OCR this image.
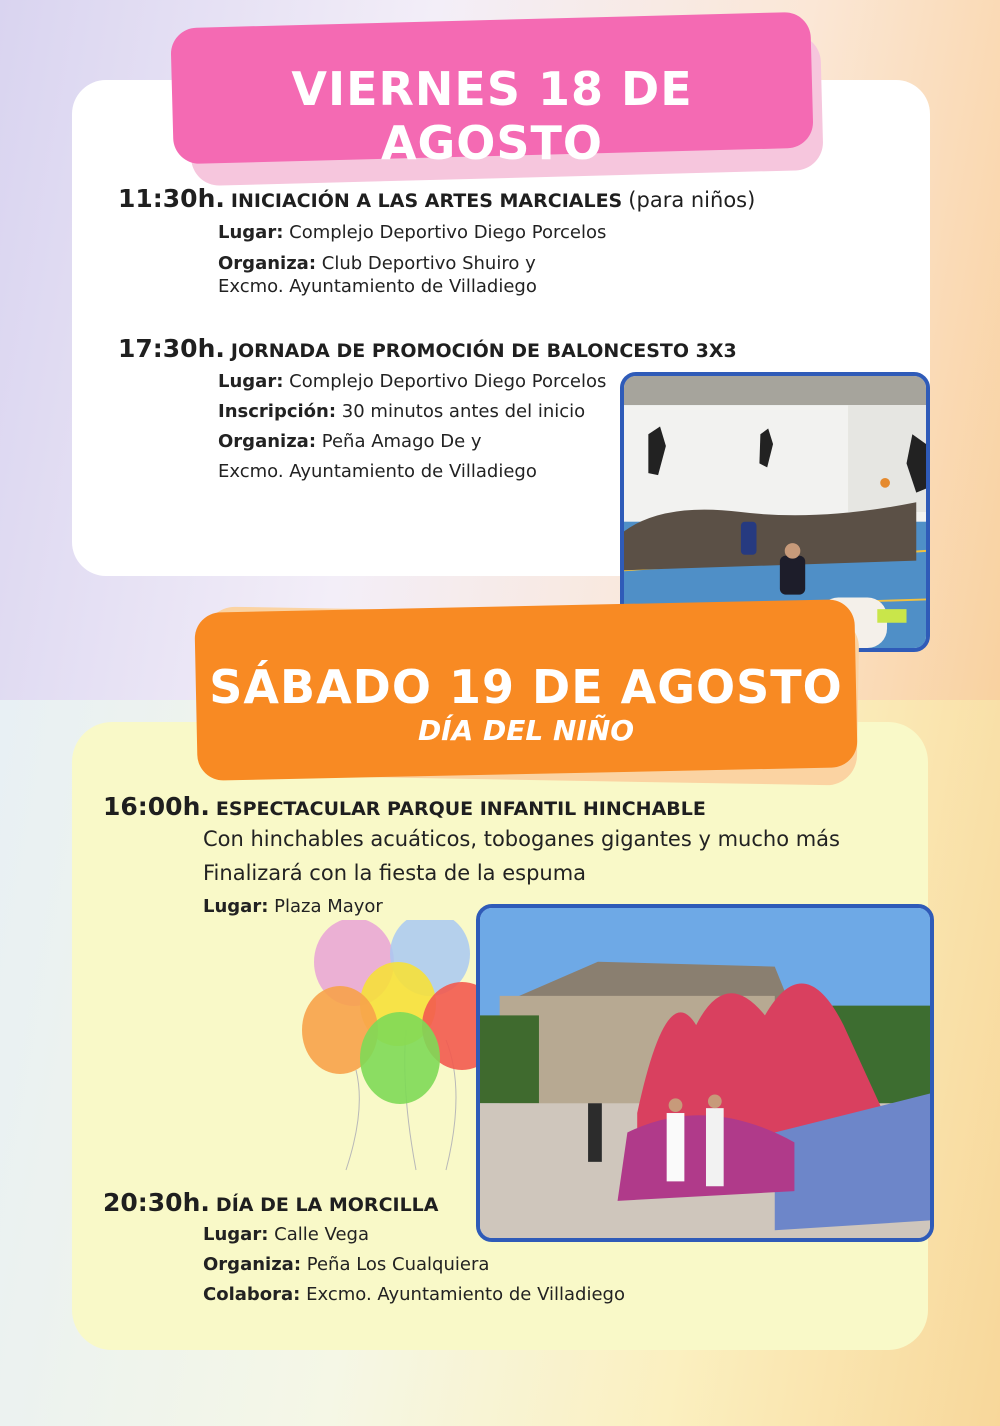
VIERNES 18 DE AGOSTO
11:30h. INICIACIÓN A LAS ARTES MARCIALES (para niños)
Lugar: Complejo Deportivo Diego Porcelos
Organiza: Club Deportivo Shuiro y
Excmo. Ayuntamiento de Villadiego
17:30h. JORNADA DE PROMOCIÓN DE BALONCESTO 3X3
Lugar: Complejo Deportivo Diego Porcelos
Inscripción: 30 minutos antes del inicio
Organiza: Peña Amago De y
Excmo. Ayuntamiento de Villadiego
SÁBADO 19 DE AGOSTO
DÍA DEL NIÑO
16:00h. ESPECTACULAR PARQUE INFANTIL HINCHABLE
Con hinchables acuáticos, toboganes gigantes y mucho más
Finalizará con la fiesta de la espuma
Lugar: Plaza Mayor
20:30h. DÍA DE LA MORCILLA
Lugar: Calle Vega
Organiza: Peña Los Cualquiera
Colabora: Excmo. Ayuntamiento de Villadiego
